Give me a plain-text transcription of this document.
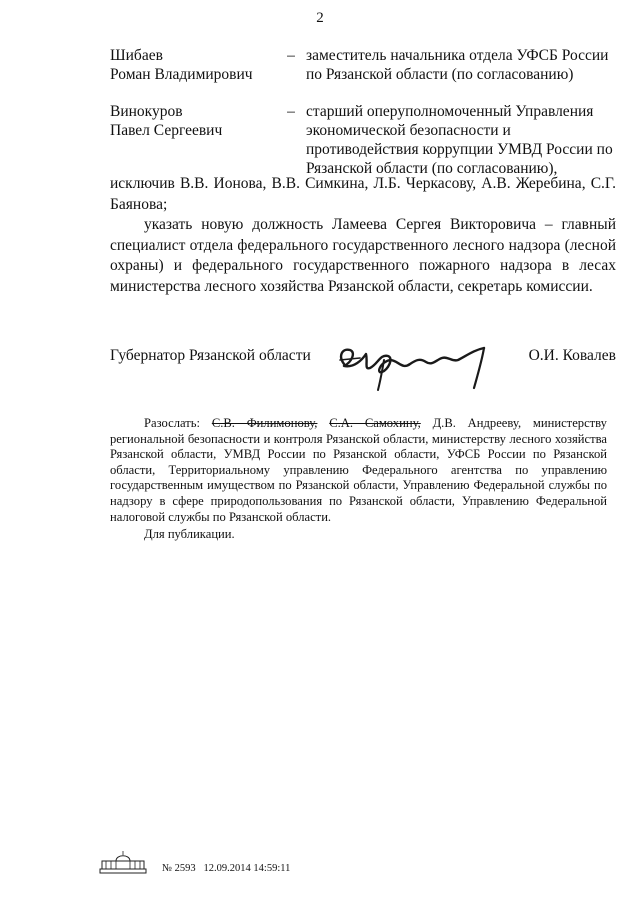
2
Шибаев
Роман Владимирович
– заместитель начальника отдела УФСБ России
по Рязанской области (по согласованию)
Винокуров
Павел Сергеевич
– старший оперуполномоченный Управления
экономической безопасности и
противодействия коррупции УМВД России по
Рязанской области (по согласованию),
исключив В.В. Ионова, В.В. Симкина, Л.Б. Черкасову, А.В. Жеребина, С.Г. Баянова;
указать новую должность Ламеева Сергея Викторовича – главный специалист отдела федерального государственного лесного надзора (лесной охраны) и федерального государственного пожарного надзора в лесах министерства лесного хозяйства Рязанской области, секретарь комиссии.
Губернатор Рязанской области	О.И. Ковалев
Разослать: С.В. Филимонову, С.А. Самохину, Д.В. Андрееву, министерству региональной безопасности и контроля Рязанской области, министерству лесного хозяйства Рязанской области, УМВД России по Рязанской области, УФСБ России по Рязанской области, Территориальному управлению Федерального агентства по управлению государственным имуществом по Рязанской области, Управлению Федеральной службы по надзору в сфере природопользования по Рязанской области, Управлению Федеральной налоговой службы по Рязанской области.
Для публикации.
№ 2593 12.09.2014 14:59:11
